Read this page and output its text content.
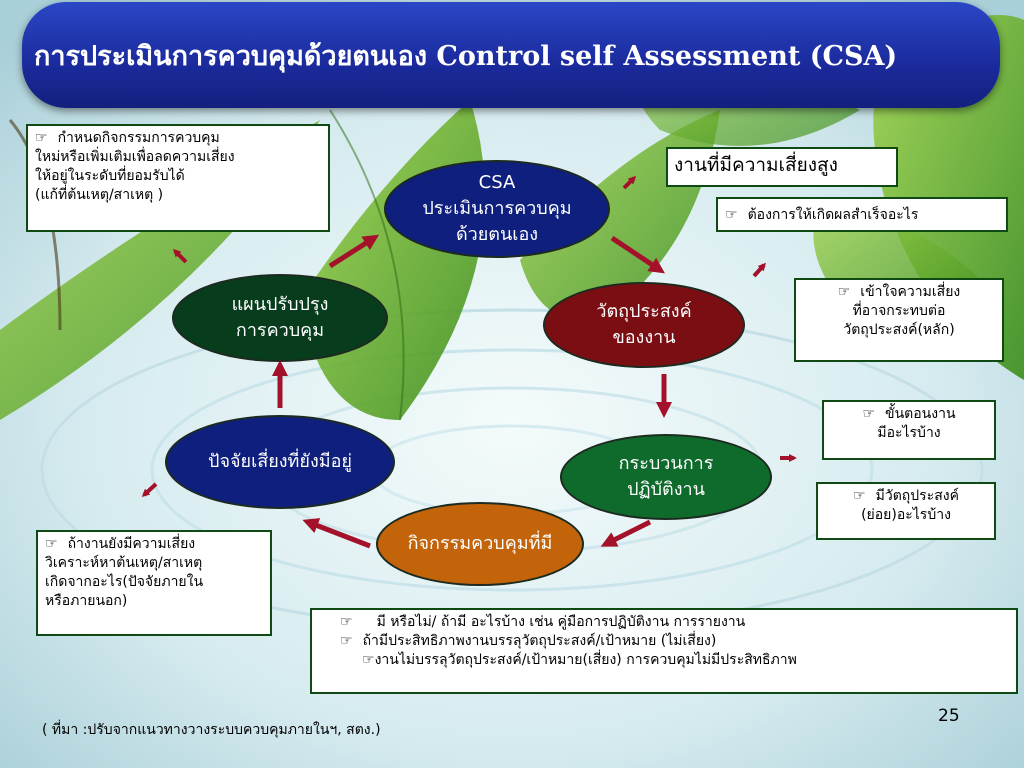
การประเมินการควบคุมด้วยตนเอง Control self Assessment (CSA)
☞ กำหนดกิจกรรมการควบคุม
ใหม่หรือเพิ่มเติมเพื่อลดความเสี่ยง
ให้อยู่ในระดับที่ยอมรับได้
(แก้ที่ต้นเหตุ/สาเหตุ )
งานที่มีความเสี่ยงสูง
☞ ต้องการให้เกิดผลสำเร็จอะไร
☞ เข้าใจความเสี่ยง
ที่อาจกระทบต่อ
วัตถุประสงค์(หลัก)
☞ ขั้นตอนงาน
มีอะไรบ้าง
☞ มีวัตถุประสงค์
(ย่อย)อะไรบ้าง
☞ ถ้างานยังมีความเสี่ยง
วิเคราะห์หาต้นเหตุ/สาเหตุ
เกิดจากอะไร(ปัจจัยภายใน
หรือภายนอก)
☞ มี หรือไม่/ ถ้ามี อะไรบ้าง เช่น คู่มือการปฏิบัติงาน การรายงาน
☞ ถ้ามีประสิทธิภาพงานบรรลุวัตถุประสงค์/เป้าหมาย (ไม่เสี่ยง)
☞งานไม่บรรลุวัตถุประสงค์/เป้าหมาย(เสี่ยง) การควบคุมไม่มีประสิทธิภาพ
CSA
ประเมินการควบคุม
ด้วยตนเอง
วัตถุประสงค์
ของงาน
กระบวนการ
ปฏิบัติงาน
กิจกรรมควบคุมที่มี
ปัจจัยเสี่ยงที่ยังมีอยู่
แผนปรับปรุง
การควบคุม
25
( ที่มา :ปรับจากแนวทางวางระบบควบคุมภายในฯ, สตง.)
